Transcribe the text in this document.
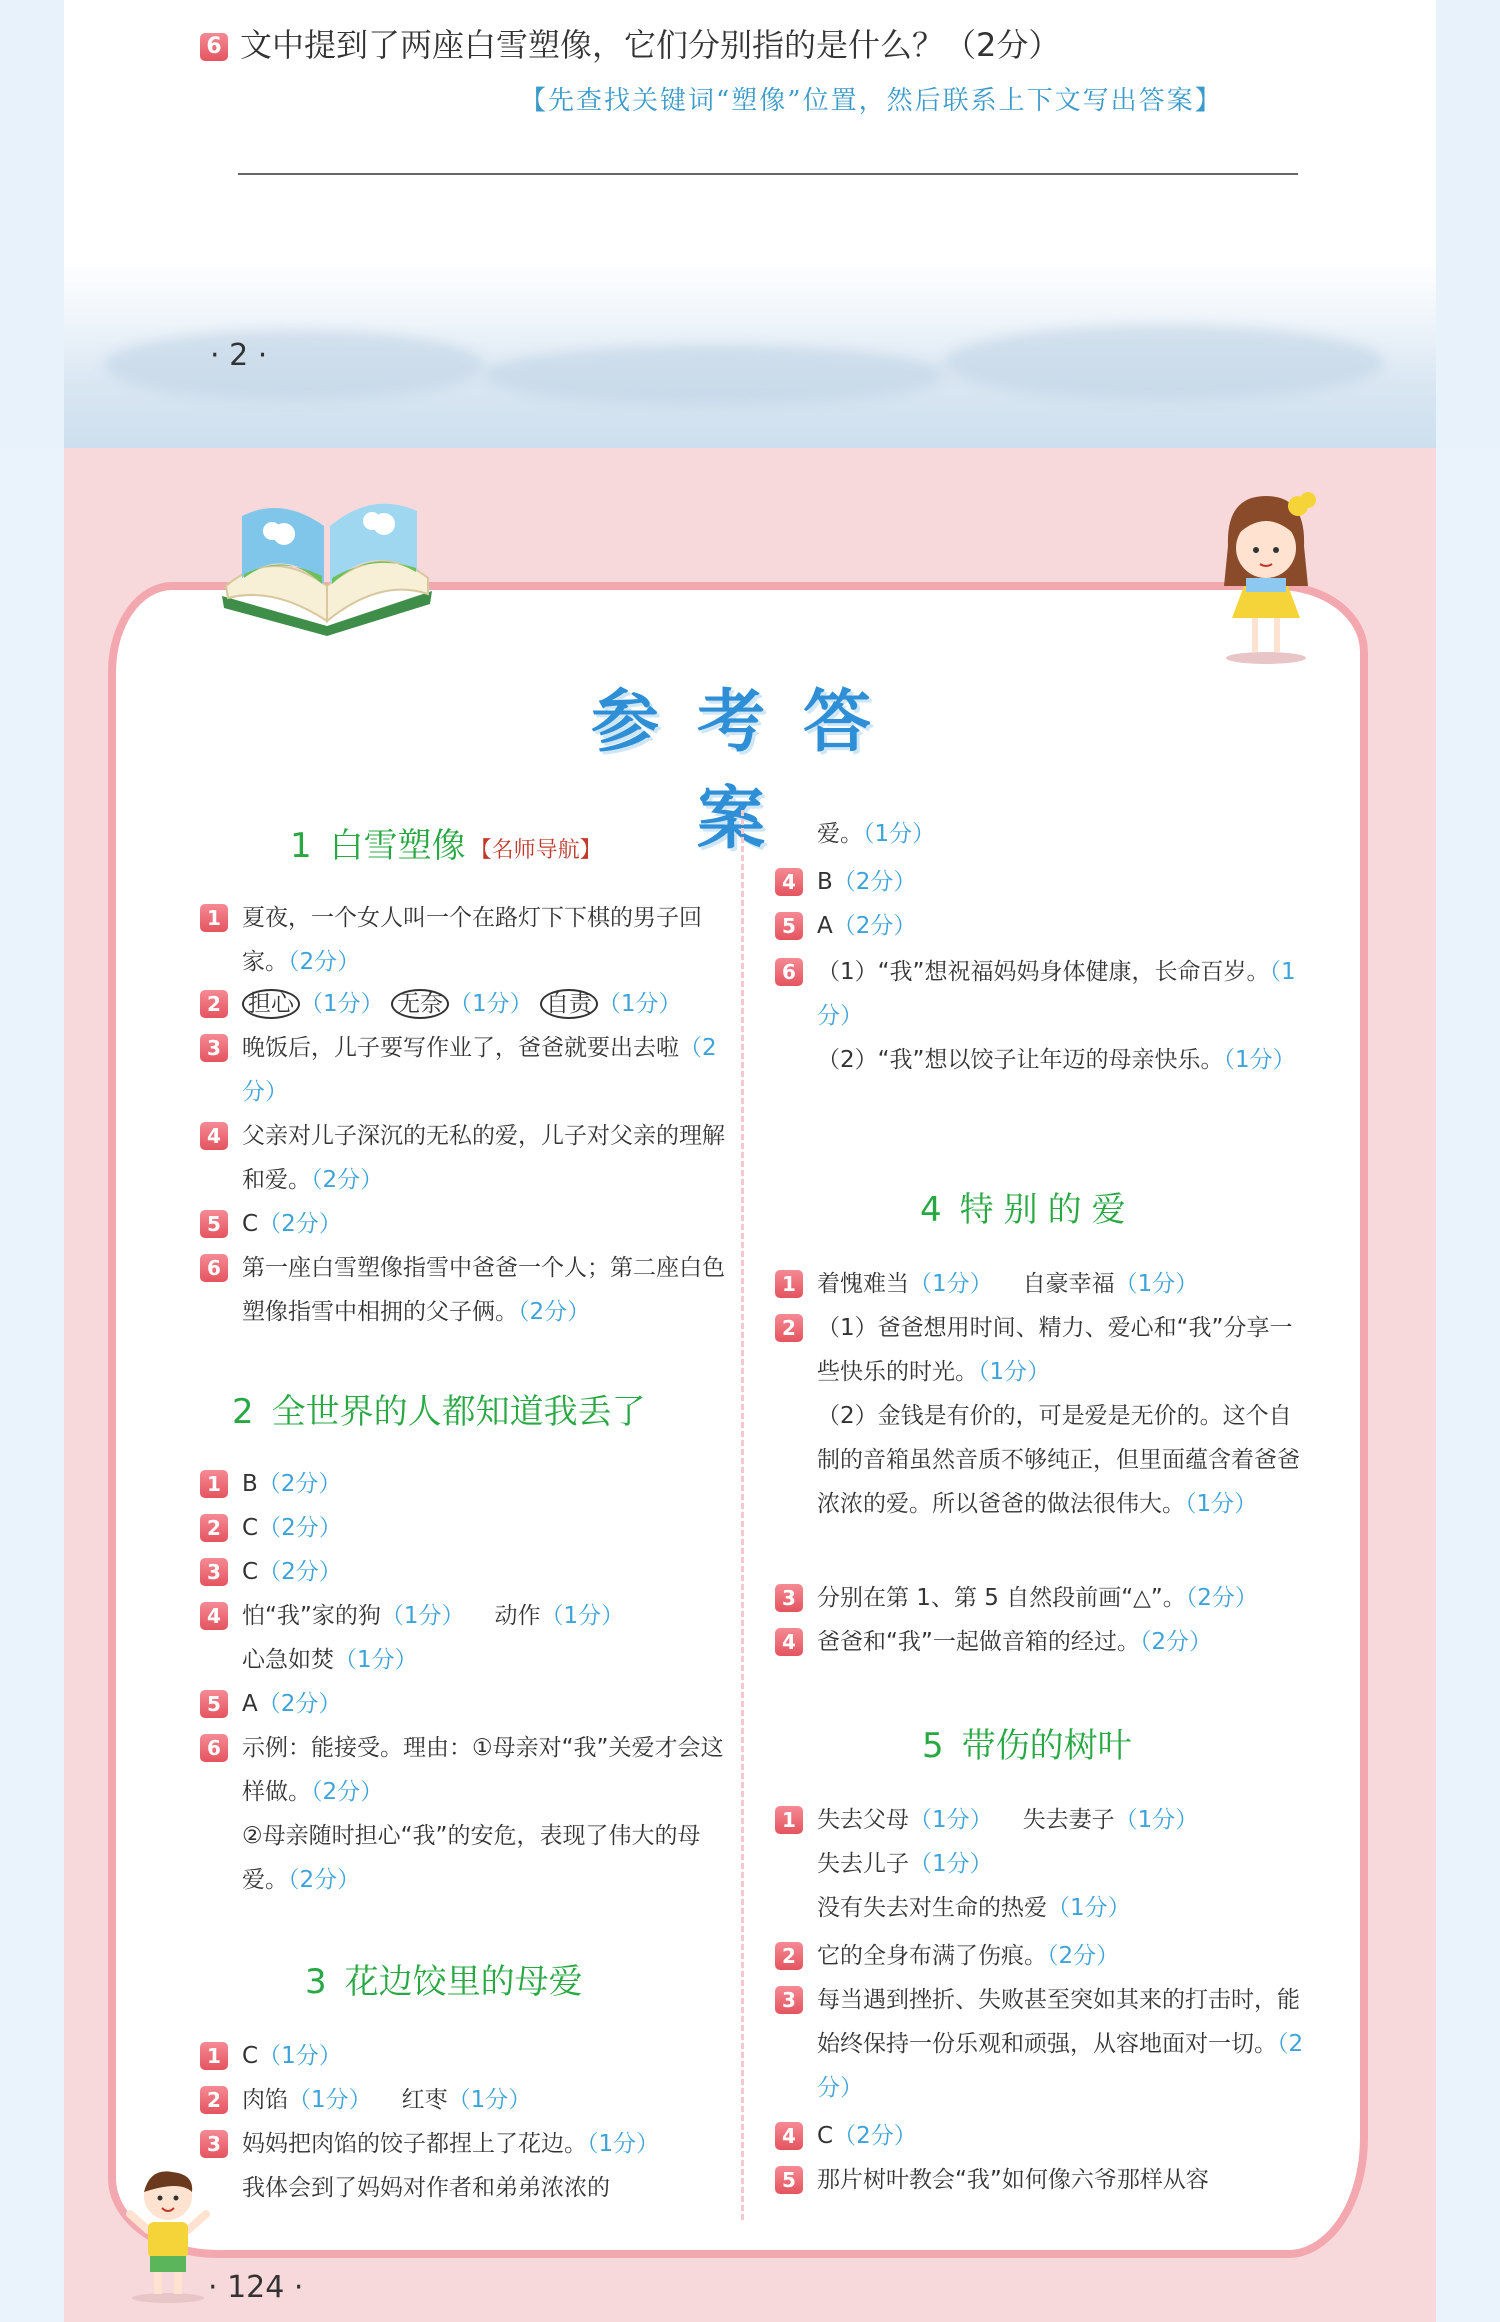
6 文中提到了两座白雪塑像，它们分别指的是什么？（2分）
【先查找关键词“塑像”位置，然后联系上下文写出答案】
· 2 ·
参考答案
1 白雪塑像 【名师导航】
1 夏夜，一个女人叫一个在路灯下下棋的男子回家。（2分）
2	担心 （1分） 无奈 （1分） 自责 （1分）
3 晚饭后，儿子要写作业了，爸爸就要出去啦（2分）
4 父亲对儿子深沉的无私的爱，儿子对父亲的理解和爱。（2分）
5 C（2分）
6 第一座白雪塑像指雪中爸爸一个人；第二座白色塑像指雪中相拥的父子俩。（2分）
2 全世界的人都知道我丢了
1 B（2分）
2 C（2分）
3 C（2分）
4 怕“我”家的狗（1分） 动作（1分）
心急如焚（1分）
5 A（2分）
6 示例：能接受。理由：①母亲对“我”关爱才会这样做。（2分）
②母亲随时担心“我”的安危，表现了伟大的母爱。（2分）
3 花边饺里的母爱
1 C（1分）
2 肉馅（1分） 红枣（1分）
3 妈妈把肉馅的饺子都捏上了花边。（1分）
我体会到了妈妈对作者和弟弟浓浓的
· 124 ·
爱。（1分）
4 B（2分）
5 A（2分）
6 （1）“我”想祝福妈妈身体健康，长命百岁。（1分）
（2）“我”想以饺子让年迈的母亲快乐。（1分）
4 特别的爱
1 着愧难当（1分） 自豪幸福（1分）
2 （1）爸爸想用时间、精力、爱心和“我”分享一些快乐的时光。（1分）
（2）金钱是有价的，可是爱是无价的。这个自制的音箱虽然音质不够纯正，但里面蕴含着爸爸浓浓的爱。所以爸爸的做法很伟大。（1分）
3 分别在第 1、第 5 自然段前画“△”。（2分）
4 爸爸和“我”一起做音箱的经过。（2分）
5 带伤的树叶
1 失去父母（1分） 失去妻子（1分）
失去儿子（1分）
没有失去对生命的热爱（1分）
2 它的全身布满了伤痕。（2分）
3 每当遇到挫折、失败甚至突如其来的打击时，能始终保持一份乐观和顽强，从容地面对一切。（2分）
4 C（2分）
5 那片树叶教会“我”如何像六爷那样从容
